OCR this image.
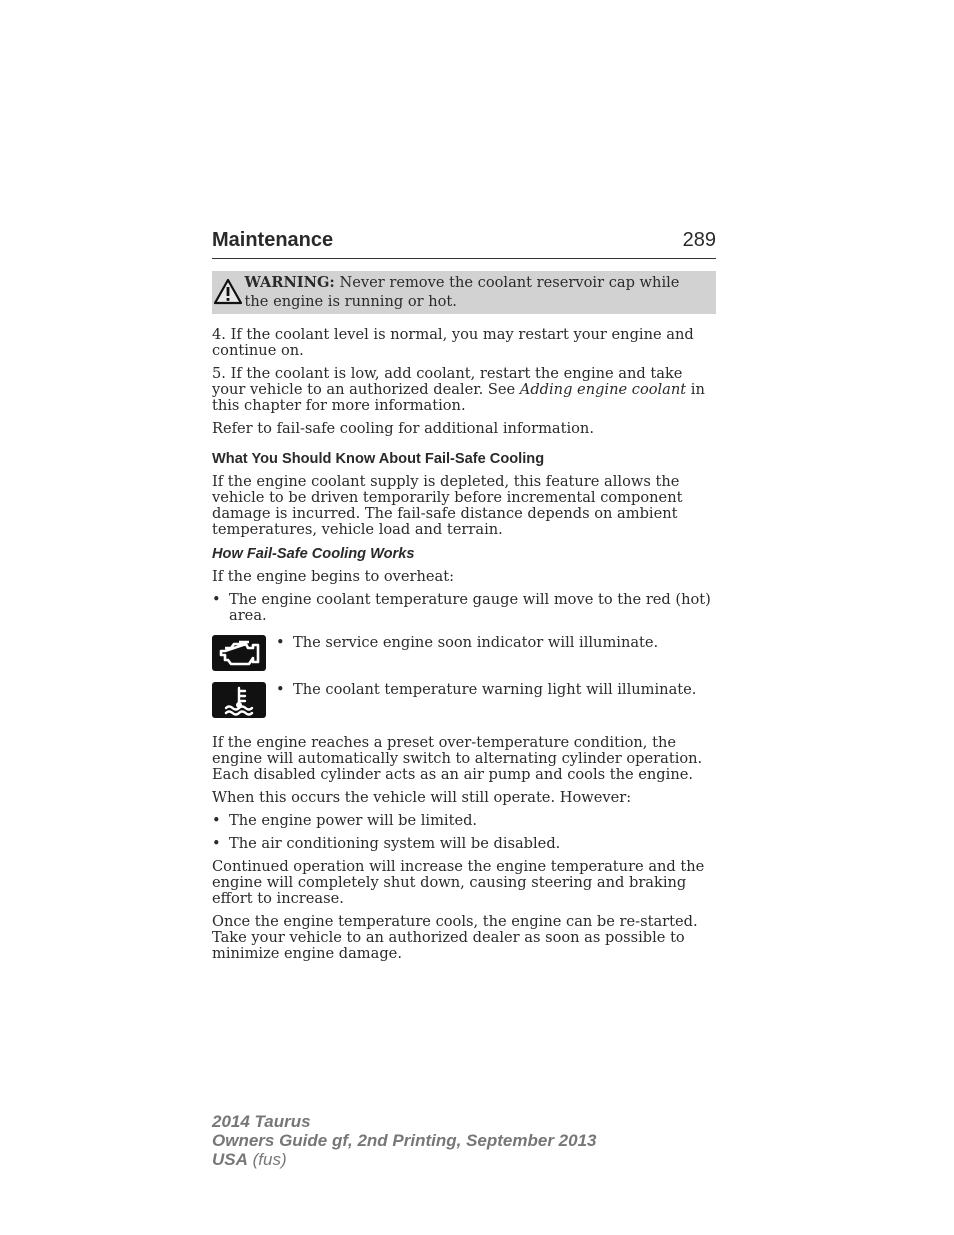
Maintenance	289
WARNING: Never remove the coolant reservoir cap while the engine is running or hot.

4. If the coolant level is normal, you may restart your engine and continue on.

5. If the coolant is low, add coolant, restart the engine and take your vehicle to an authorized dealer. See Adding engine coolant in this chapter for more information.

Refer to fail-safe cooling for additional information.

What You Should Know About Fail-Safe Cooling

If the engine coolant supply is depleted, this feature allows the vehicle to be driven temporarily before incremental component damage is incurred. The fail-safe distance depends on ambient temperatures, vehicle load and terrain.

How Fail-Safe Cooling Works

If the engine begins to overheat:

• The engine coolant temperature gauge will move to the red (hot) area.
• The service engine soon indicator will illuminate.
• The coolant temperature warning light will illuminate.

If the engine reaches a preset over-temperature condition, the engine will automatically switch to alternating cylinder operation. Each disabled cylinder acts as an air pump and cools the engine.

When this occurs the vehicle will still operate. However:

• The engine power will be limited.
• The air conditioning system will be disabled.

Continued operation will increase the engine temperature and the engine will completely shut down, causing steering and braking effort to increase.

Once the engine temperature cools, the engine can be re-started. Take your vehicle to an authorized dealer as soon as possible to minimize engine damage.

2014 Taurus
Owners Guide gf, 2nd Printing, September 2013
USA (fus)
